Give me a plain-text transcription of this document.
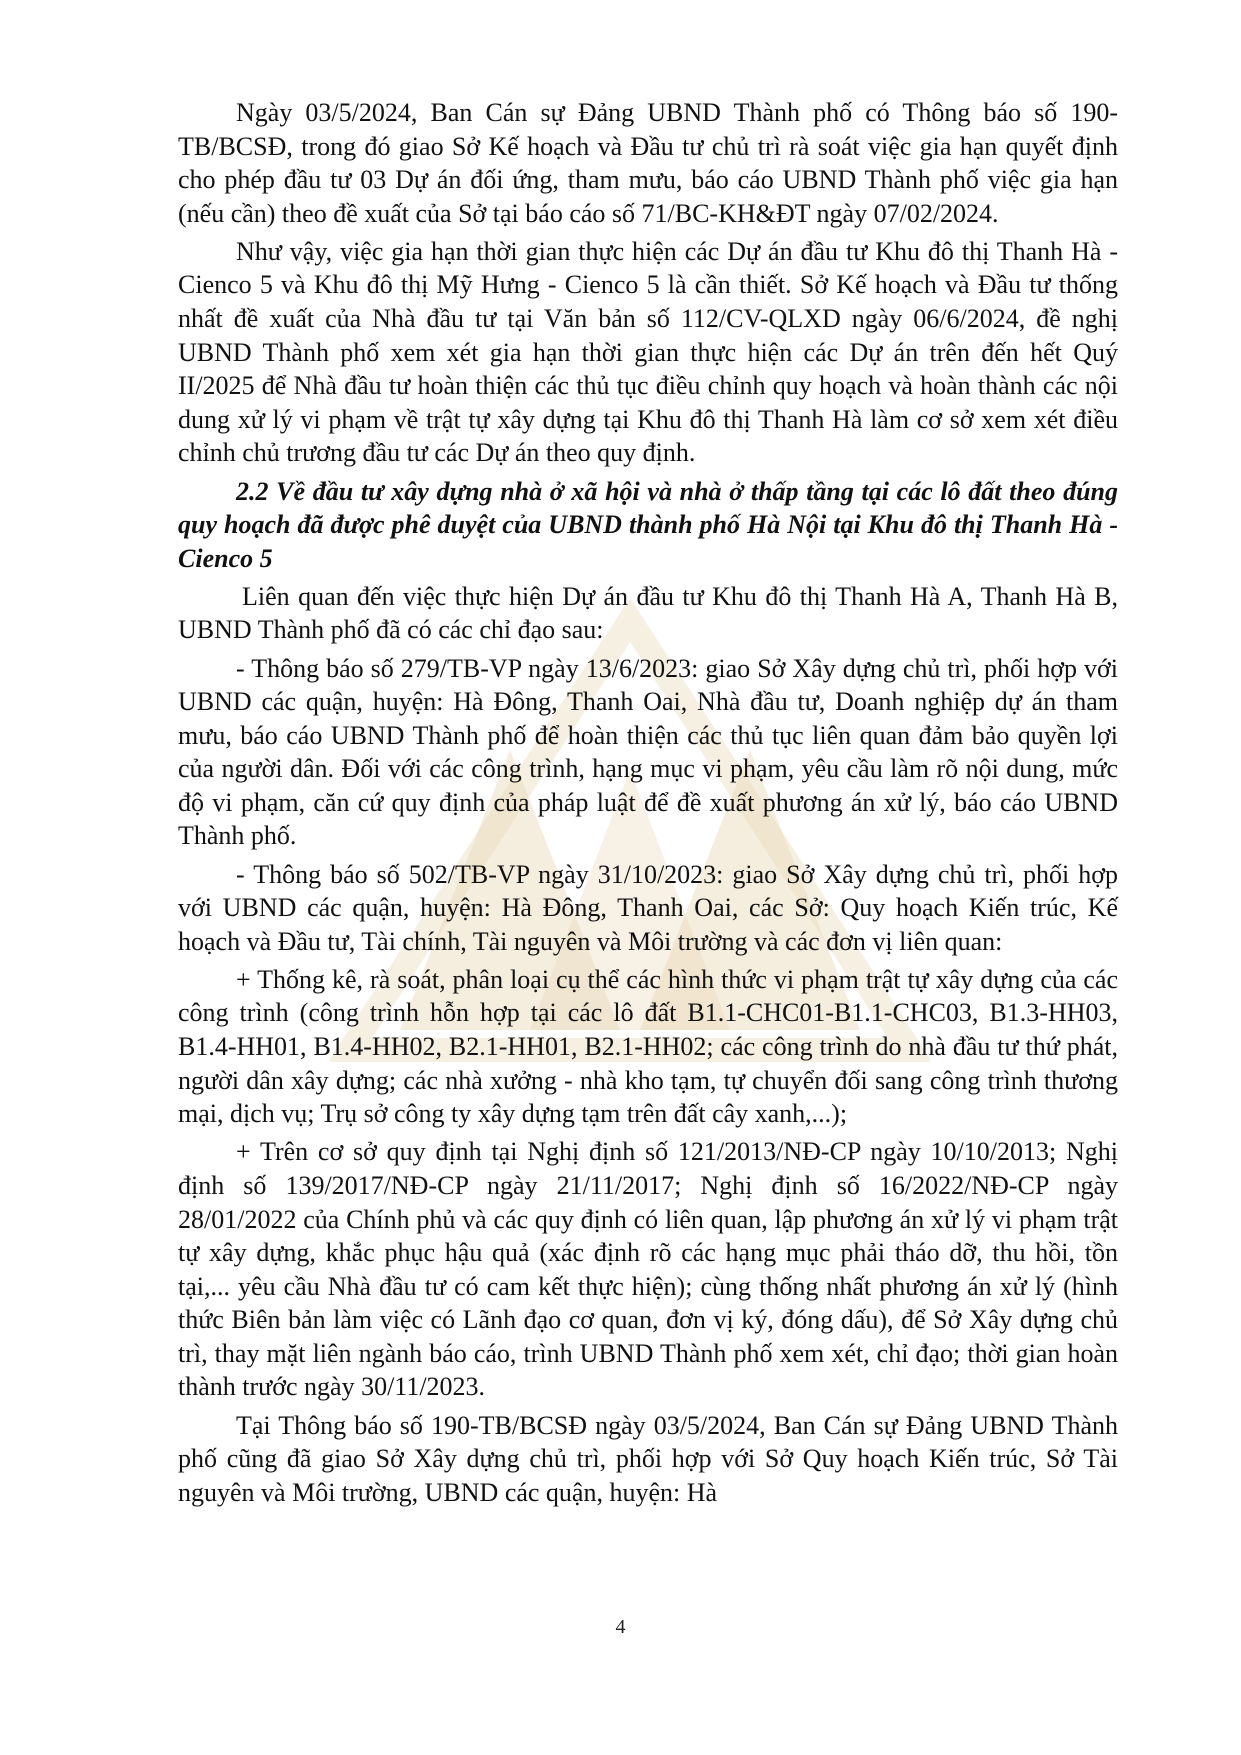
Ngày 03/5/2024, Ban Cán sự Đảng UBND Thành phố có Thông báo số 190-TB/BCSĐ, trong đó giao Sở Kế hoạch và Đầu tư chủ trì rà soát việc gia hạn quyết định cho phép đầu tư 03 Dự án đối ứng, tham mưu, báo cáo UBND Thành phố việc gia hạn (nếu cần) theo đề xuất của Sở tại báo cáo số 71/BC-KH&ĐT ngày 07/02/2024.

Như vậy, việc gia hạn thời gian thực hiện các Dự án đầu tư Khu đô thị Thanh Hà - Cienco 5 và Khu đô thị Mỹ Hưng - Cienco 5 là cần thiết. Sở Kế hoạch và Đầu tư thống nhất đề xuất của Nhà đầu tư tại Văn bản số 112/CV-QLXD ngày 06/6/2024, đề nghị UBND Thành phố xem xét gia hạn thời gian thực hiện các Dự án trên đến hết Quý II/2025 để Nhà đầu tư hoàn thiện các thủ tục điều chỉnh quy hoạch và hoàn thành các nội dung xử lý vi phạm về trật tự xây dựng tại Khu đô thị Thanh Hà làm cơ sở xem xét điều chỉnh chủ trương đầu tư các Dự án theo quy định.

2.2 Về đầu tư xây dựng nhà ở xã hội và nhà ở thấp tầng tại các lô đất theo đúng quy hoạch đã được phê duyệt của UBND thành phố Hà Nội tại Khu đô thị Thanh Hà - Cienco 5

Liên quan đến việc thực hiện Dự án đầu tư Khu đô thị Thanh Hà A, Thanh Hà B, UBND Thành phố đã có các chỉ đạo sau:

- Thông báo số 279/TB-VP ngày 13/6/2023: giao Sở Xây dựng chủ trì, phối hợp với UBND các quận, huyện: Hà Đông, Thanh Oai, Nhà đầu tư, Doanh nghiệp dự án tham mưu, báo cáo UBND Thành phố để hoàn thiện các thủ tục liên quan đảm bảo quyền lợi của người dân. Đối với các công trình, hạng mục vi phạm, yêu cầu làm rõ nội dung, mức độ vi phạm, căn cứ quy định của pháp luật để đề xuất phương án xử lý, báo cáo UBND Thành phố.

- Thông báo số 502/TB-VP ngày 31/10/2023: giao Sở Xây dựng chủ trì, phối hợp với UBND các quận, huyện: Hà Đông, Thanh Oai, các Sở: Quy hoạch Kiến trúc, Kế hoạch và Đầu tư, Tài chính, Tài nguyên và Môi trường và các đơn vị liên quan:

+ Thống kê, rà soát, phân loại cụ thể các hình thức vi phạm trật tự xây dựng của các công trình (công trình hỗn hợp tại các lô đất B1.1-CHC01-B1.1-CHC03, B1.3-HH03, B1.4-HH01, B1.4-HH02, B2.1-HH01, B2.1-HH02; các công trình do nhà đầu tư thứ phát, người dân xây dựng; các nhà xưởng - nhà kho tạm, tự chuyển đối sang công trình thương mại, dịch vụ; Trụ sở công ty xây dựng tạm trên đất cây xanh,...);

+ Trên cơ sở quy định tại Nghị định số 121/2013/NĐ-CP ngày 10/10/2013; Nghị định số 139/2017/NĐ-CP ngày 21/11/2017; Nghị định số 16/2022/NĐ-CP ngày 28/01/2022 của Chính phủ và các quy định có liên quan, lập phương án xử lý vi phạm trật tự xây dựng, khắc phục hậu quả (xác định rõ các hạng mục phải tháo dỡ, thu hồi, tồn tại,... yêu cầu Nhà đầu tư có cam kết thực hiện); cùng thống nhất phương án xử lý (hình thức Biên bản làm việc có Lãnh đạo cơ quan, đơn vị ký, đóng dấu), để Sở Xây dựng chủ trì, thay mặt liên ngành báo cáo, trình UBND Thành phố xem xét, chỉ đạo; thời gian hoàn thành trước ngày 30/11/2023.

Tại Thông báo số 190-TB/BCSĐ ngày 03/5/2024, Ban Cán sự Đảng UBND Thành phố cũng đã giao Sở Xây dựng chủ trì, phối hợp với Sở Quy hoạch Kiến trúc, Sở Tài nguyên và Môi trường, UBND các quận, huyện: Hà

4
